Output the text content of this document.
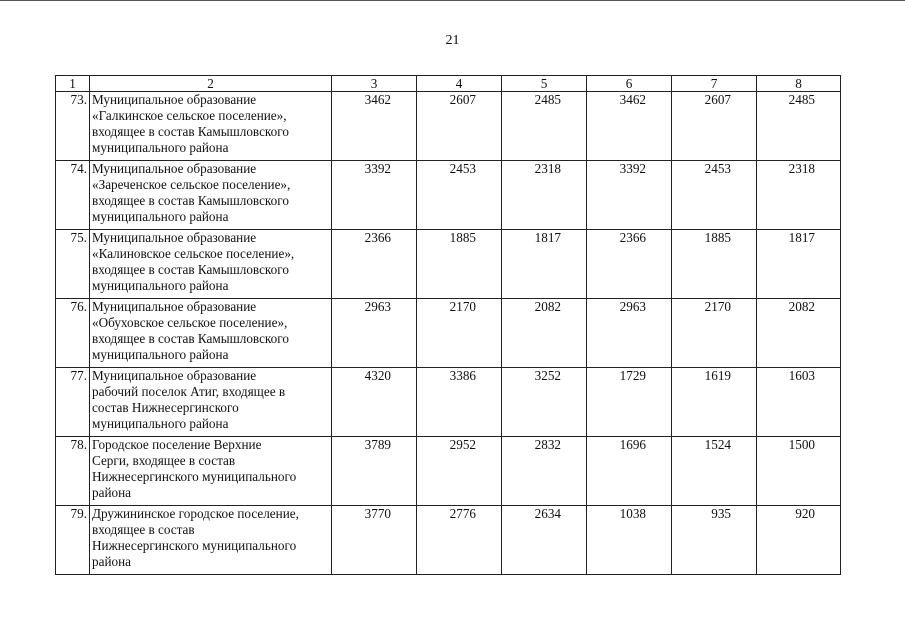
21
1	2	3	4	5	6	7	8
73.	Муниципальное образование
«Галкинское сельское поселение»,
входящее в состав Камышловского
муниципального района	3462	2607	2485	3462	2607	2485
74.	Муниципальное образование
«Зареченское сельское поселение»,
входящее в состав Камышловского
муниципального района	3392	2453	2318	3392	2453	2318
75.	Муниципальное образование
«Калиновское сельское поселение»,
входящее в состав Камышловского
муниципального района	2366	1885	1817	2366	1885	1817
76.	Муниципальное образование
«Обуховское сельское поселение»,
входящее в состав Камышловского
муниципального района	2963	2170	2082	2963	2170	2082
77.	Муниципальное образование
рабочий поселок Атиг, входящее в
состав Нижнесергинского
муниципального района	4320	3386	3252	1729	1619	1603
78.	Городское поселение Верхние
Серги, входящее в состав
Нижнесергинского муниципального
района	3789	2952	2832	1696	1524	1500
79.	Дружининское городское поселение,
входящее в состав
Нижнесергинского муниципального
района	3770	2776	2634	1038	935	920
